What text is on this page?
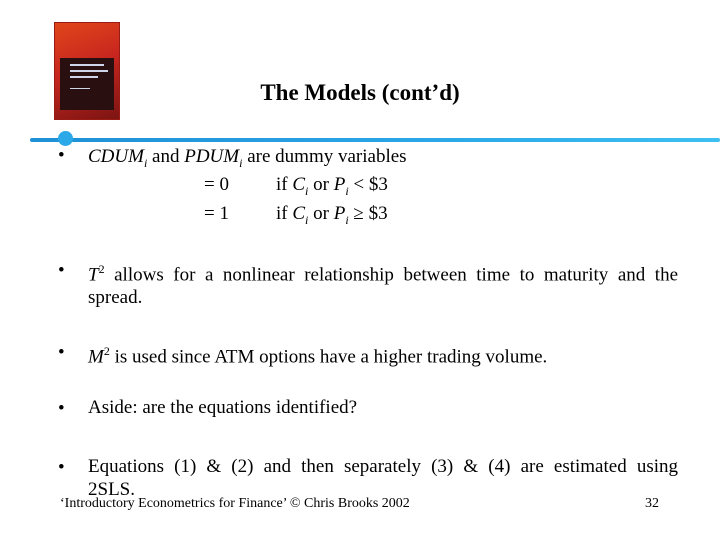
The Models (cont’d)
• $CDUM_i$ and $PDUM_i$ are dummy variables
= 0 if $C_i$ or $P_i$ < $3
= 1 if $C_i$ or $P_i$ ≥ $3
• $T^2$ allows for a nonlinear relationship between time to maturity and the
spread.
• $M^2$ is used since ATM options have a higher trading volume.
• Aside: are the equations identified?
• Equations (1) & (2) and then separately (3) & (4) are estimated using
2SLS.
‘Introductory Econometrics for Finance’ © Chris Brooks 2002	32
